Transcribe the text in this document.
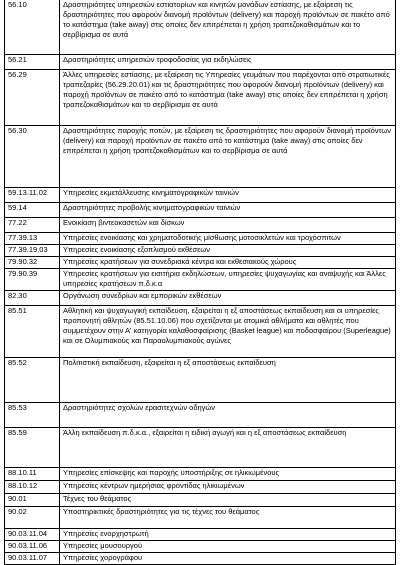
56.10	Δραστηριότητες υπηρεσιών εστιατορίων και κινητών μονάδων εστίασης, με εξαίρεση τις δραστηριότητες που αφορούν διανομή προϊόντων (delivery) και παροχή προϊόντων σε πακέτο από το κατάστημα (take away) στις οποίες δεν επιτρέπεται η χρήση τραπεζοκαθισμάτων και το σερβίρισμα σε αυτά
56.21	Δραστηριότητες υπηρεσιών τροφοδοσίας για εκδηλώσεις
56.29	Άλλες υπηρεσίες εστίασης, με εξαίρεση τις Υπηρεσίες γευμάτων που παρέχονται από στρατιωτικές τραπεζαρίες (56.29.20.01) και τις δραστηριότητες που αφορούν διανομή προϊόντων (delivery) και παροχή προϊόντων σε πακέτο από το κατάστημα (take away) στις οποίες δεν επιτρέπεται η χρήση τραπεζοκαθισμάτων και το σερβίρισμα σε αυτά
56.30	Δραστηριότητες παροχής ποτών, με εξαίρεση τις δραστηριότητες που αφορούν διανομή προϊόντων (delivery) και παροχή προϊόντων σε πακέτο από το κατάστημα (take away) στις οποίες δεν επιτρέπεται η χρήση τραπεζοκαθισμάτων και το σερβίρισμα σε αυτά
59.13.11.02	Υπηρεσίες εκμετάλλευσης κινηματογραφικών ταινιών
59.14	Δραστηριότητες προβολής κινηματογραφικών ταινιών
77.22	Ενοικίαση βιντεοκασετών και δίσκων
77.39.13	Υπηρεσίες ενοικίασης και χρηματοδοτικής μίσθωσης μοτοσικλετών και τροχόσπιτων
77.39.19.03	Υπηρεσίες ενοικίασης εξοπλισμού εκθέσεων
79.90.32	Υπηρεσίες κρατήσεων για συνεδριακά κέντρα και εκθεσιακούς χώρους
79.90.39	Υπηρεσίες κρατήσεων για εισιτήρια εκδηλώσεων, υπηρεσίες ψυχαγωγίας και αναψυχής και Άλλες υπηρεσίες κρατήσεων π.δ.κ.α
82.30	Οργάνωση συνεδρίων και εμπορικών εκθέσεων
85.51	Αθλητική και ψυχαγωγική εκπαίδευση, εξαιρείται η εξ αποστάσεως εκπαίδευση και οι υπηρεσίες προπονητή αθλητών (85.51.10.06) που σχετίζονται με ατομικά αθλήματα και αθλητές που συμμετέχουν στην Α' κατηγορία καλαθοσφαίρισης (Basket league) και ποδοσφαίρου (Superleague) και σε Ολυμπιακούς και Παραολυμπιακούς αγώνες
85.52	Πολιτιστική εκπαίδευση, εξαιρείται η εξ αποστάσεως εκπαίδευση
85.53	Δραστηριότητες σχολών ερασιτεχνών οδηγών
85.59	Άλλη εκπαίδευση π.δ.κ.α., εξαιρείται η ειδική αγωγή και η εξ αποστάσεως εκπαίδευση
88.10.11	Υπηρεσίες επίσκεψης και παροχής υποστήριξης σε ηλικιωμένους
88.10.12	Υπηρεσίες κέντρων ημερήσιας φροντίδας ηλικιωμένων
90.01	Τέχνες του θεάματος
90.02	Υποστηρικτικές δραστηριότητες για τις τέχνες του θεάματος
90.03.11.04	Υπηρεσίες ενορχηστρωτή
90.03.11.06	Υπηρεσίες μουσουργού
90.03.11.07	Υπηρεσίες χορογράφου
